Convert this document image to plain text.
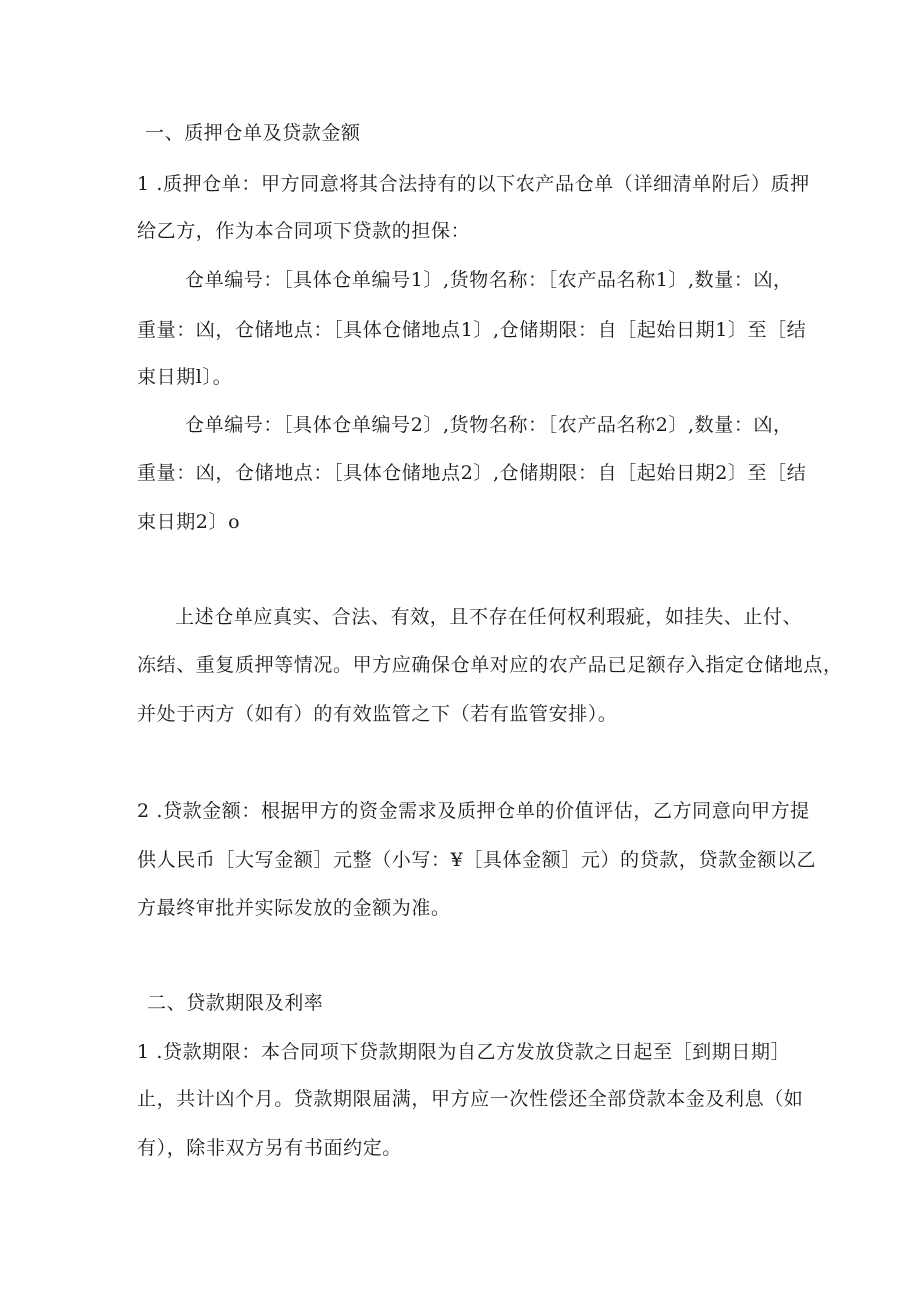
一、质押仓单及贷款金额
1 .质押仓单：甲方同意将其合法持有的以下农产品仓单（详细清单附后）质押
给乙方，作为本合同项下贷款的担保：
仓单编号：［具体仓单编号1〕,货物名称：［农产品名称1〕,数量：凶，
重量：凶，仓储地点：［具体仓储地点1〕,仓储期限：自［起始日期1〕至［结
束日期l〕。
仓单编号：［具体仓单编号2〕,货物名称：［农产品名称2〕,数量：凶，
重量：凶，仓储地点：［具体仓储地点2〕,仓储期限：自［起始日期2〕至［结
束日期2〕o
上述仓单应真实、合法、有效，且不存在任何权利瑕疵，如挂失、止付、
冻结、重复质押等情况。甲方应确保仓单对应的农产品已足额存入指定仓储地点，
并处于丙方（如有）的有效监管之下（若有监管安排）。
2 .贷款金额：根据甲方的资金需求及质押仓单的价值评估，乙方同意向甲方提
供人民币［大写金额］元整（小写：¥［具体金额］元）的贷款，贷款金额以乙
方最终审批并实际发放的金额为准。
二、贷款期限及利率
1 .贷款期限：本合同项下贷款期限为自乙方发放贷款之日起至［到期日期］
止，共计凶个月。贷款期限届满，甲方应一次性偿还全部贷款本金及利息（如
有），除非双方另有书面约定。
